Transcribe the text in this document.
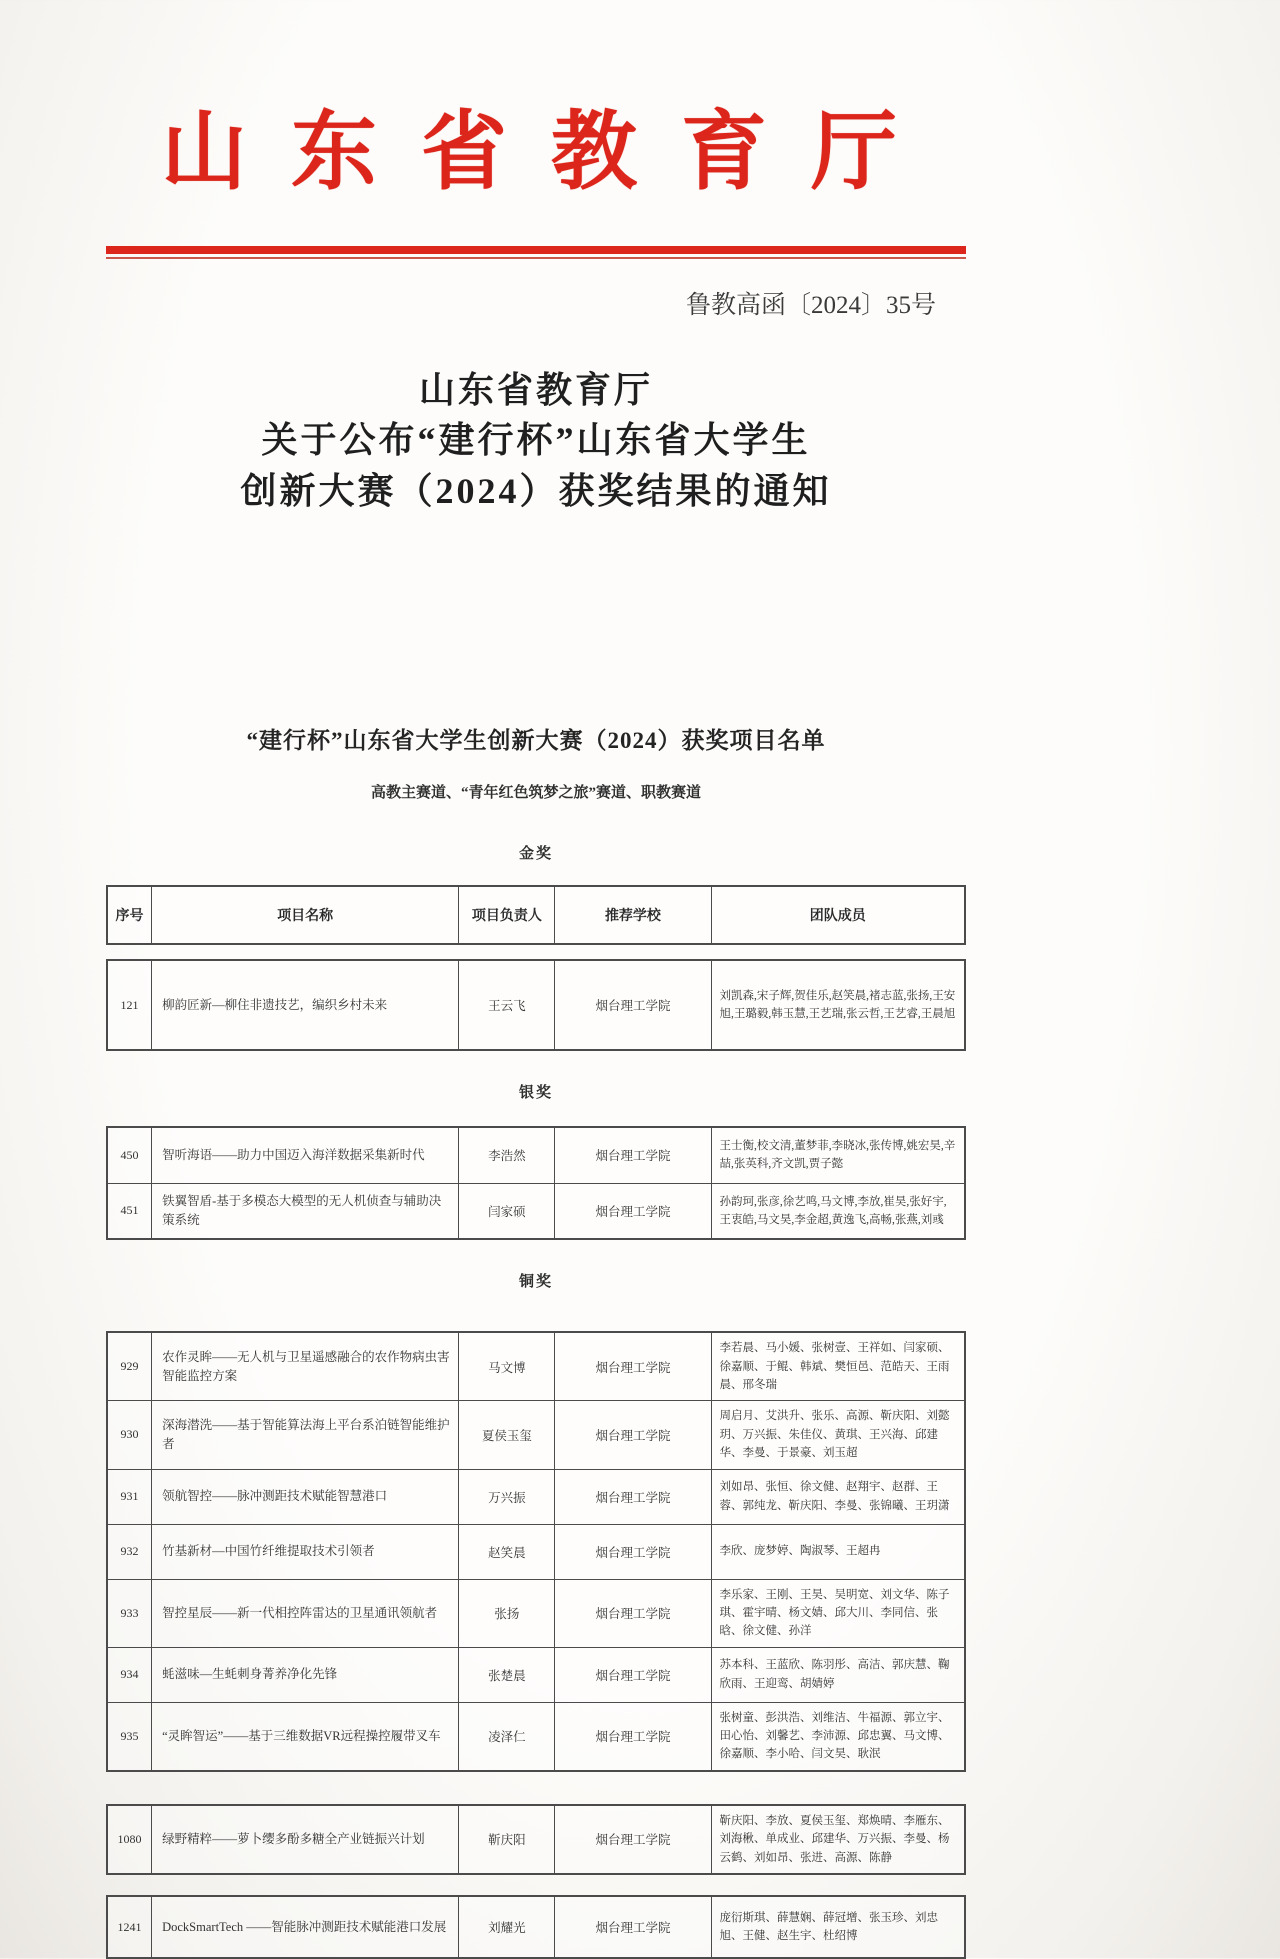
山东省教育厅
鲁教高函〔2024〕35号
山东省教育厅
关于公布“建行杯”山东省大学生
创新大赛（2024）获奖结果的通知
“建行杯”山东省大学生创新大赛（2024）获奖项目名单
高教主赛道、“青年红色筑梦之旅”赛道、职教赛道
金奖
序号	项目名称	项目负责人	推荐学校	团队成员
121	柳韵匠新—柳住非遗技艺，编织乡村未来	王云飞	烟台理工学院	刘凯森,宋子辉,贺佳乐,赵笑晨,褚志蓝,张扬,王安旭,王璐毅,韩玉慧,王艺瑞,张云哲,王艺睿,王晨旭
银奖
450	智听海语——助力中国迈入海洋数据采集新时代	李浩然	烟台理工学院	王士衡,校文清,董梦菲,李晓冰,张传博,姚宏昊,辛喆,张英科,齐文凯,贾子懿
451	铁翼智盾-基于多模态大模型的无人机侦查与辅助决策系统	闫家硕	烟台理工学院	孙韵珂,张彦,徐艺鸣,马文博,李放,崔昊,张好宇,王衷皓,马文昊,李金超,黄逸飞,高畅,张燕,刘彧
铜奖
929	农作灵眸——无人机与卫星遥感融合的农作物病虫害智能监控方案	马文博	烟台理工学院	李若晨、马小媛、张树壹、王祥如、闫家硕、徐嘉顺、于鲲、韩斌、樊恒邑、范皓天、王雨晨、邢冬瑞
930	深海潜洗——基于智能算法海上平台系泊链智能维护者	夏侯玉玺	烟台理工学院	周启月、艾洪升、张乐、高源、靳庆阳、刘懿玥、万兴振、朱佳仪、黄琪、王兴海、邱建华、李曼、于景豪、刘玉超
931	领航智控——脉冲测距技术赋能智慧港口	万兴振	烟台理工学院	刘如昂、张恒、徐文健、赵翔宇、赵群、王蓉、郭纯龙、靳庆阳、李曼、张锦曦、王玥潇
932	竹基新材—中国竹纤维提取技术引领者	赵笑晨	烟台理工学院	李欣、庞梦婷、陶淑琴、王超冉
933	智控星辰——新一代相控阵雷达的卫星通讯领航者	张扬	烟台理工学院	李乐家、王刚、王昊、吴明宽、刘文华、陈子琪、霍宇晴、杨文婧、邱大川、李同信、张晗、徐文健、孙洋
934	蚝滋味—生蚝刺身菁养净化先锋	张楚晨	烟台理工学院	苏本科、王蓝欣、陈羽彤、高洁、郭庆慧、鞠欣雨、王迎鸾、胡婧婷
935	“灵眸智运”——基于三维数据VR远程操控履带叉车	凌泽仁	烟台理工学院	张树童、彭洪浩、刘维洁、牛福源、郭立宇、田心怡、刘馨艺、李沛源、邱忠翼、马文博、徐嘉顺、李小哈、闫文昊、耿泯
1080	绿野精粹——萝卜缨多酚多糖全产业链振兴计划	靳庆阳	烟台理工学院	靳庆阳、李放、夏侯玉玺、郑焕晴、李雁东、刘海楸、单成业、邱建华、万兴振、李曼、杨云鹤、刘如昂、张进、高源、陈静
1241	DockSmartTech ——智能脉冲测距技术赋能港口发展	刘耀光	烟台理工学院	庞衍斯琪、薛慧娴、薛冠增、张玉珍、刘忠旭、王健、赵生宇、杜绍博
